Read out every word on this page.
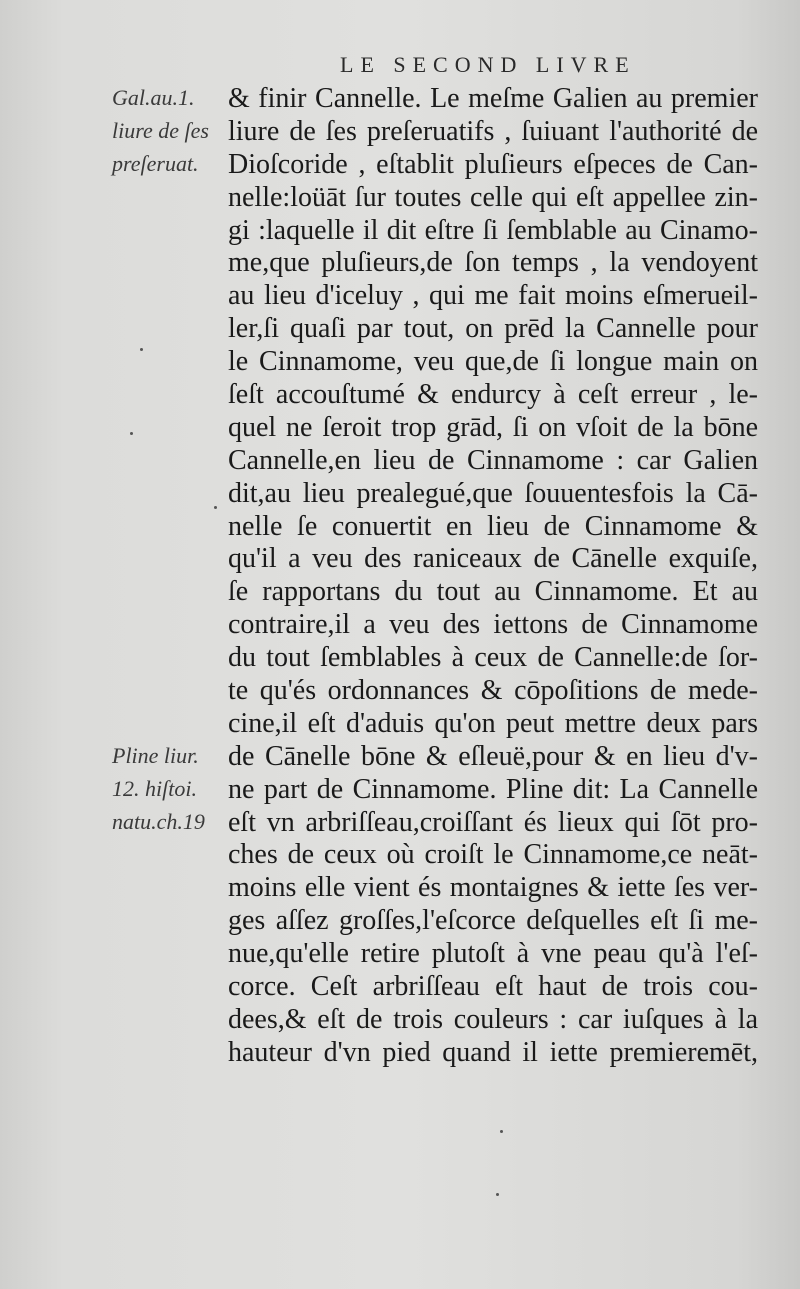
LE SECOND LIVRE
Gal.au.1.
liure de ſes
preſeruat.
Pline liur.
12. hiſtoi.
natu.ch.19
& finir Cannelle. Le meſme Galien au premier
liure de ſes preſeruatifs , ſuiuant l'authorité de
Dioſcoride , eſtablit pluſieurs eſpeces de Can-
nelle:loüāt ſur toutes celle qui eſt appellee zin-
gi :laquelle il dit eſtre ſi ſemblable au Cinamo-
me,que pluſieurs,de ſon temps , la vendoyent
au lieu d'iceluy , qui me fait moins eſmerueil-
ler,ſi quaſi par tout, on prēd la Cannelle pour
le Cinnamome, veu que,de ſi longue main on
ſeſt accouſtumé & endurcy à ceſt erreur , le-
quel ne ſeroit trop grād, ſi on vſoit de la bōne
Cannelle,en lieu de Cinnamome : car Galien
dit,au lieu prealegué,que ſouuentesfois la Cā-
nelle ſe conuertit en lieu de Cinnamome &
qu'il a veu des raniceaux de Cānelle exquiſe,
ſe rapportans du tout au Cinnamome. Et au
contraire,il a veu des iettons de Cinnamome
du tout ſemblables à ceux de Cannelle:de ſor-
te qu'és ordonnances & cōpoſitions de mede-
cine,il eſt d'aduis qu'on peut mettre deux pars
de Cānelle bōne & eſleuë,pour & en lieu d'v-
ne part de Cinnamome. Pline dit: La Cannelle
eſt vn arbriſſeau,croiſſant és lieux qui ſōt pro-
ches de ceux où croiſt le Cinnamome,ce neāt-
moins elle vient és montaignes & iette ſes ver-
ges aſſez groſſes,l'eſcorce deſquelles eſt ſi me-
nue,qu'elle retire plutoſt à vne peau qu'à l'eſ-
corce. Ceſt arbriſſeau eſt haut de trois cou-
dees,& eſt de trois couleurs : car iuſques à la
hauteur d'vn pied quand il iette premieremēt,
